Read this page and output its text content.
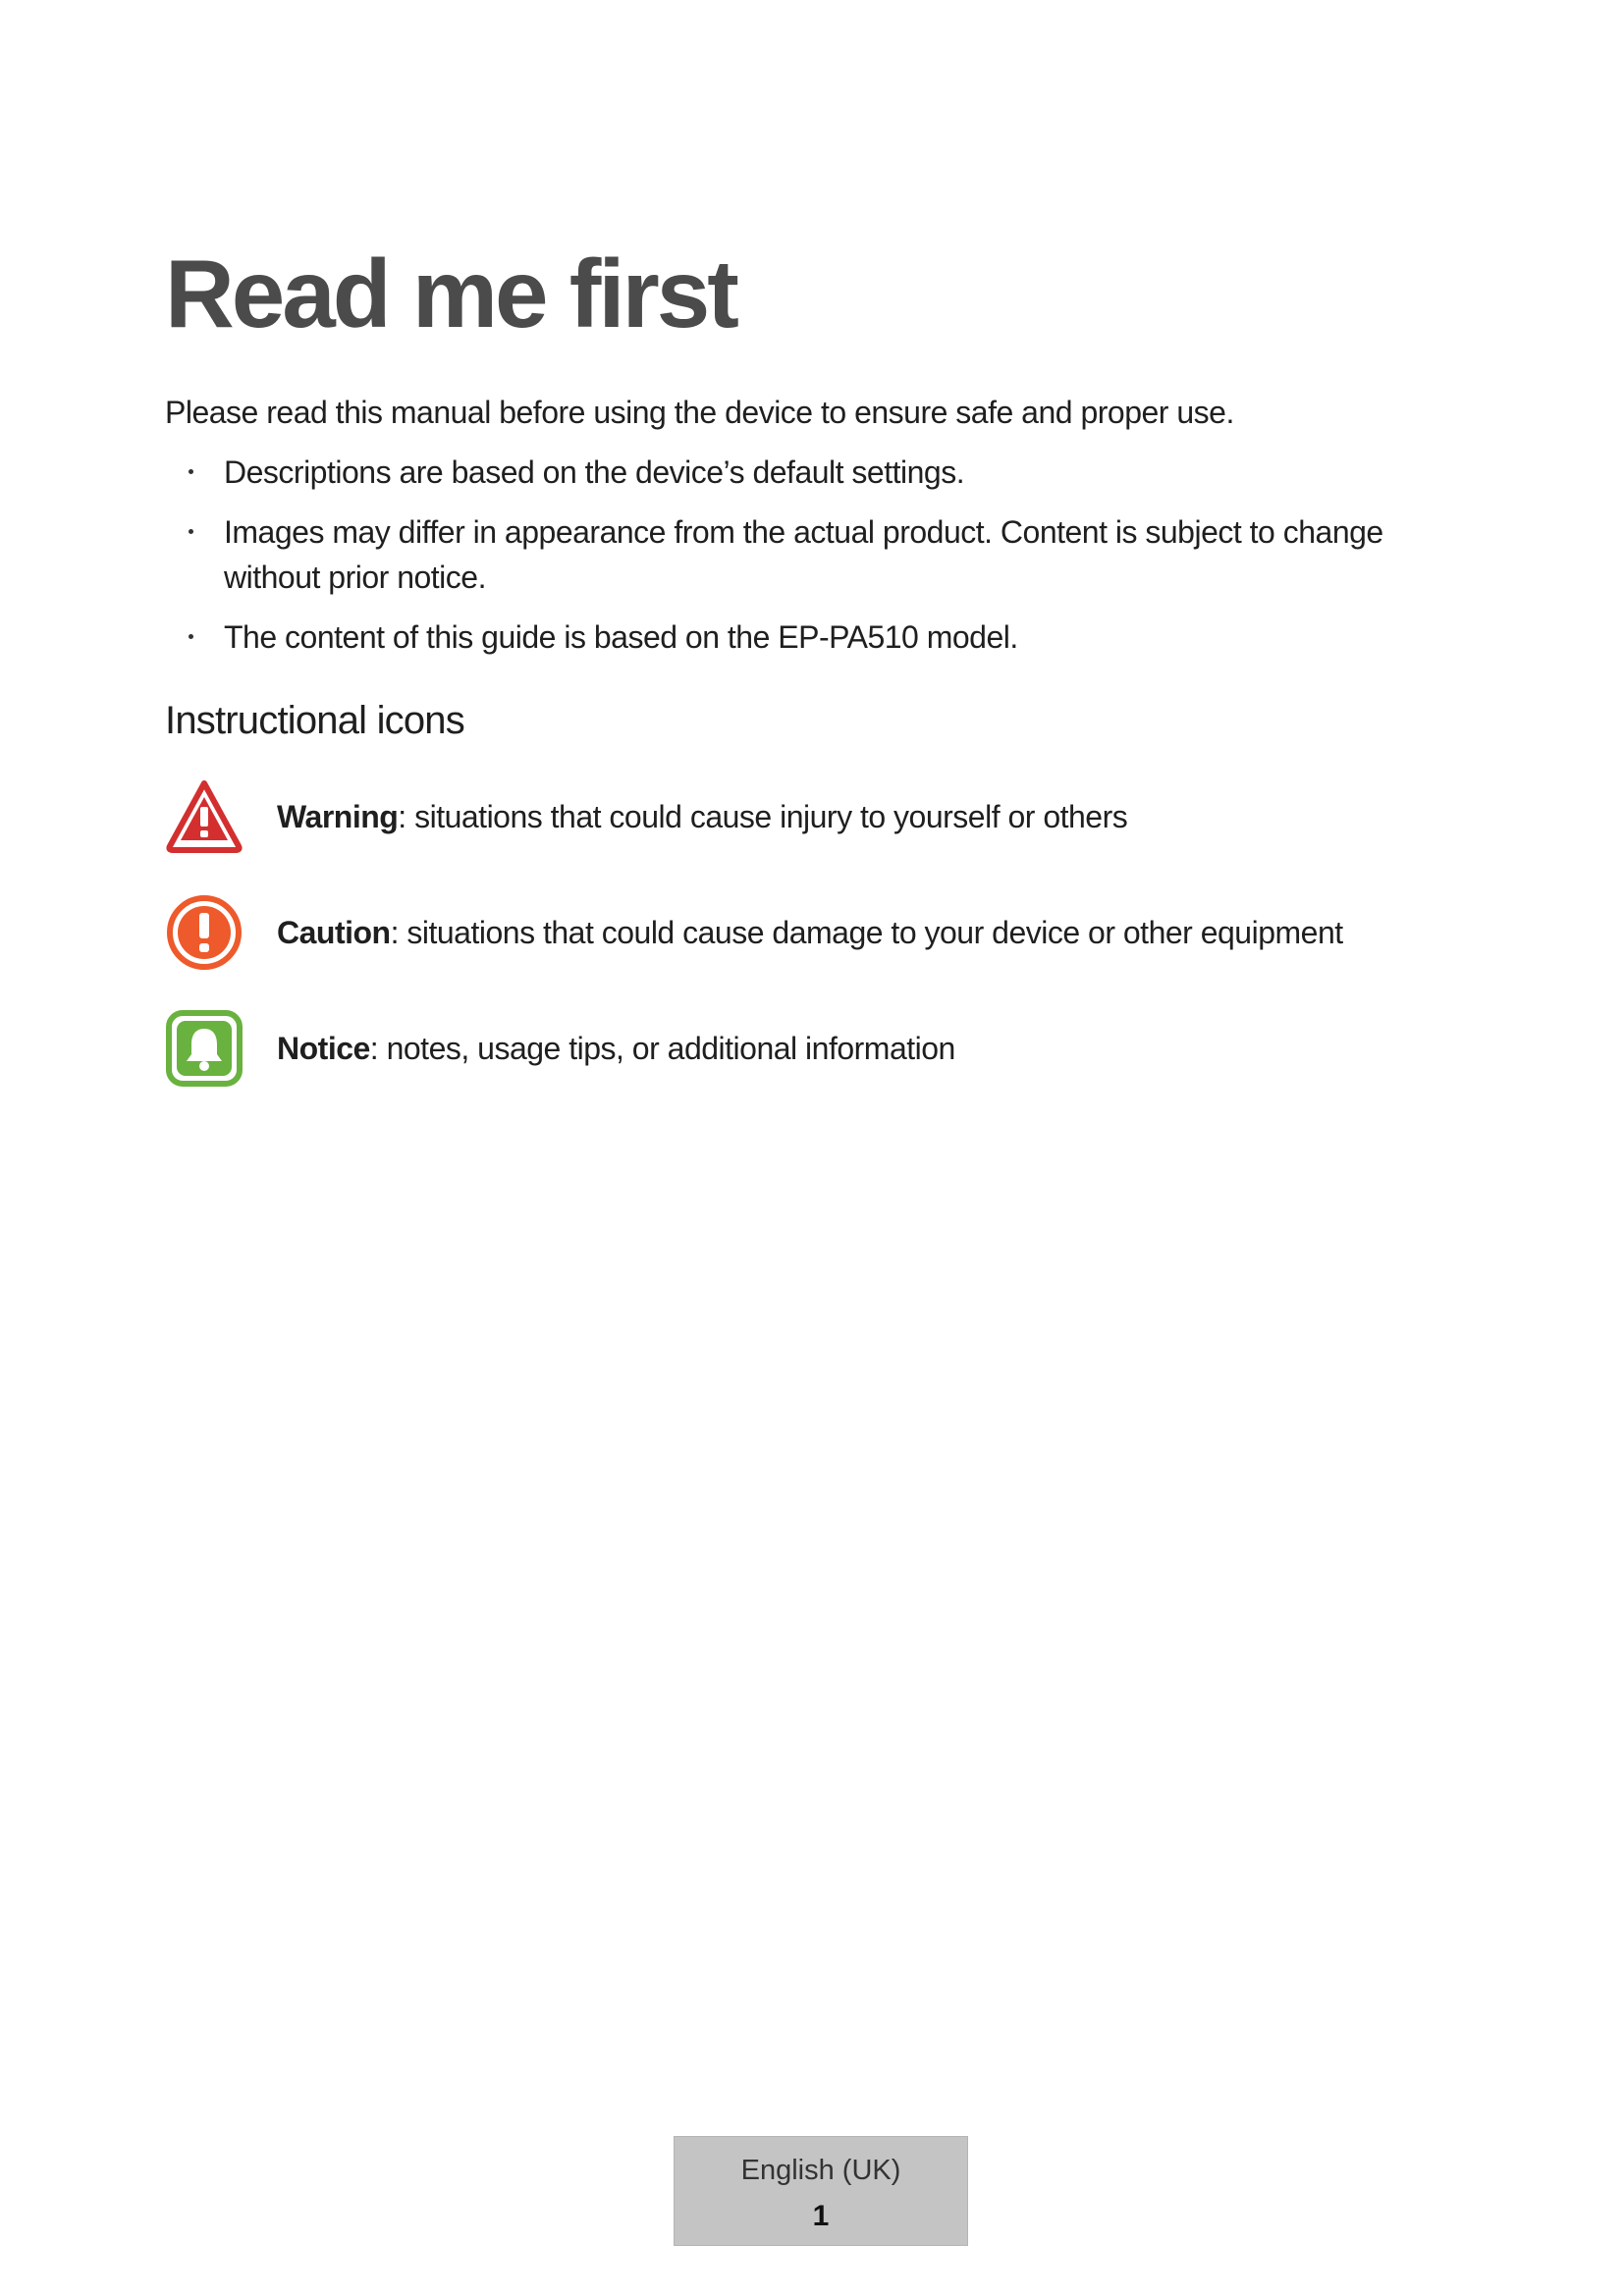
Read me first

Please read this manual before using the device to ensure safe and proper use.

Descriptions are based on the device’s default settings.
Images may differ in appearance from the actual product. Content is subject to change without prior notice.
The content of this guide is based on the EP-PA510 model.
Instructional icons
Warning: situations that could cause injury to yourself or others
Caution: situations that could cause damage to your device or other equipment
Notice: notes, usage tips, or additional information
English (UK)
1
